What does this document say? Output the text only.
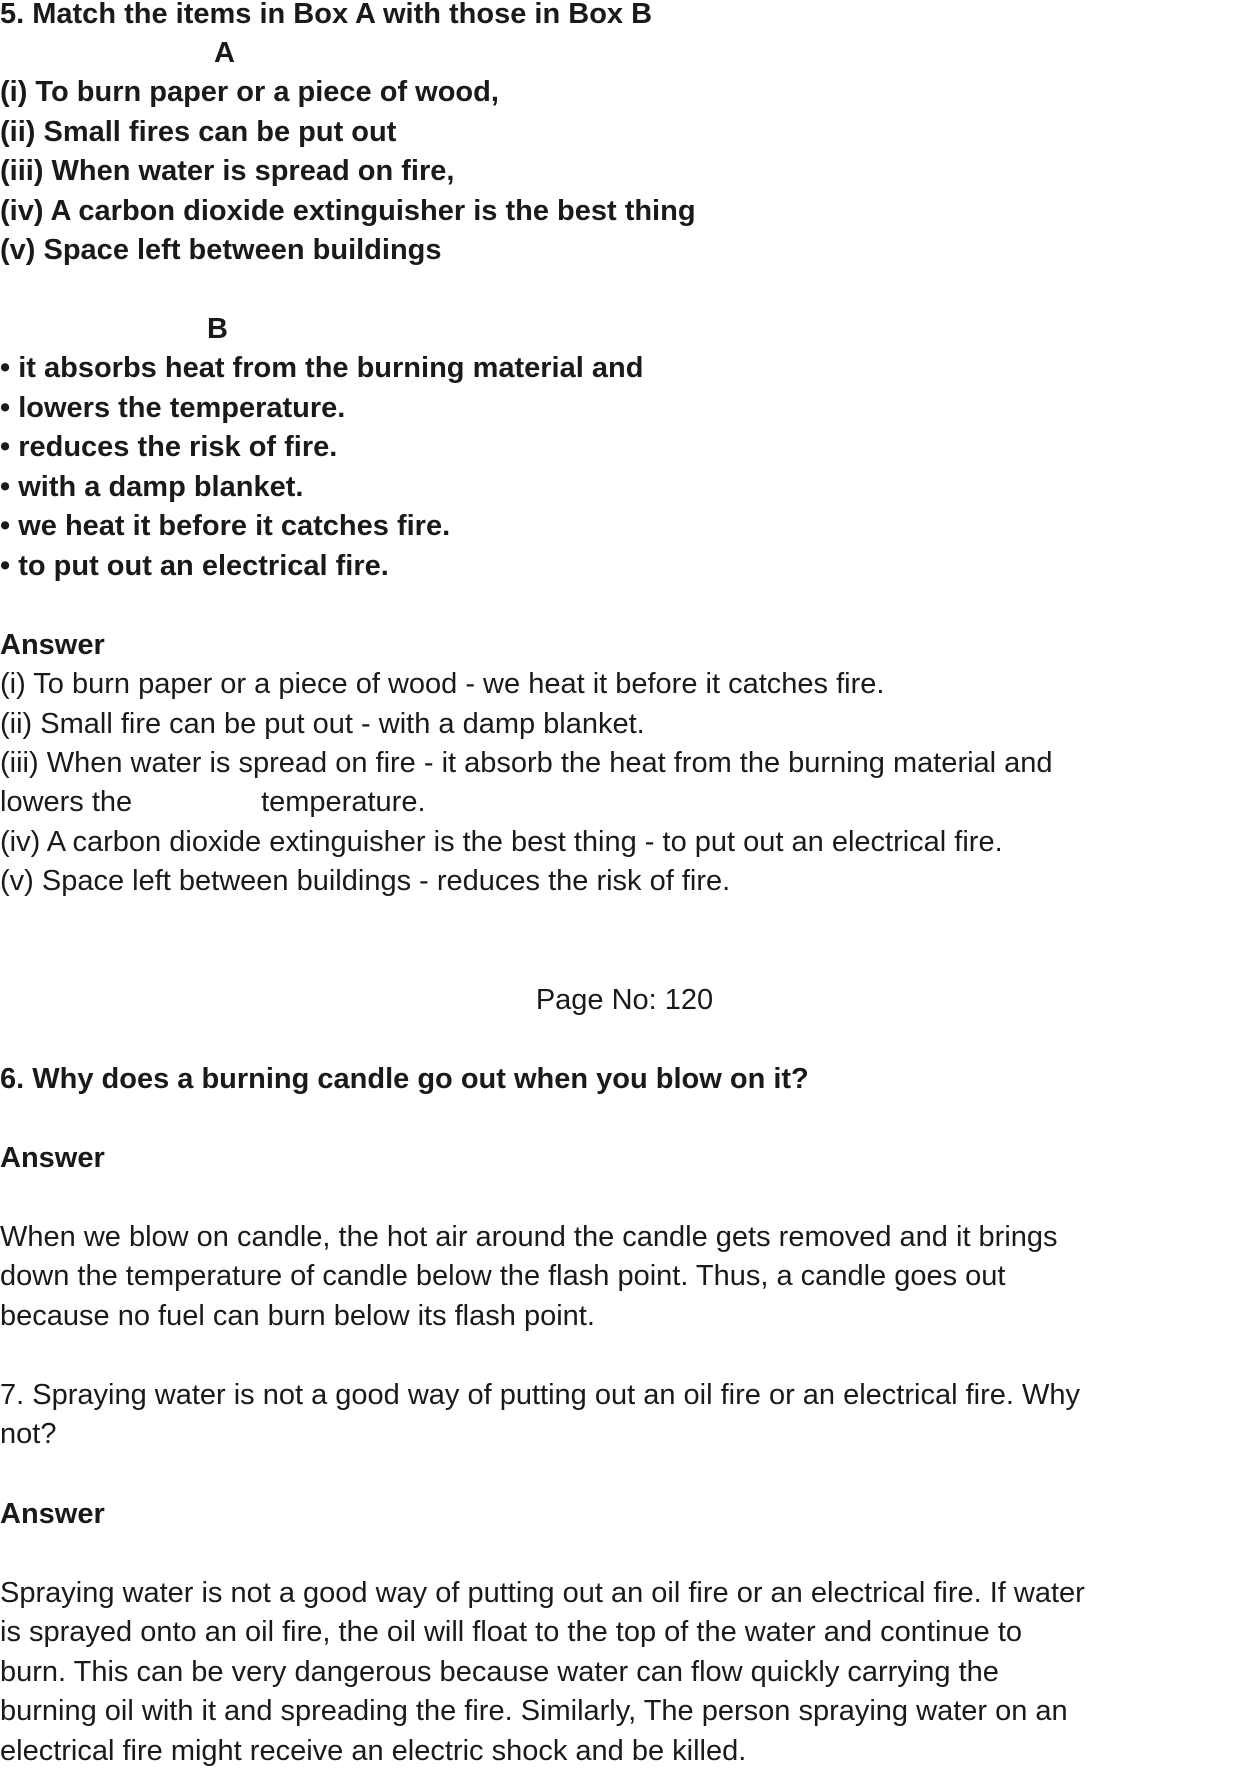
5. Match the items in Box A with those in Box B

A

(i) To burn paper or a piece of wood,

(ii) Small fires can be put out

(iii) When water is spread on fire,

(iv) A carbon dioxide extinguisher is the best thing

(v) Space left between buildings

B

• it absorbs heat from the burning material and

• lowers the temperature.

• reduces the risk of fire.

• with a damp blanket.

• we heat it before it catches fire.

• to put out an electrical fire.

Answer

(i) To burn paper or a piece of wood - we heat it before it catches fire.

(ii) Small fire can be put out - with a damp blanket.

(iii) When water is spread on fire - it absorb the heat from the burning material and

lowers the                temperature.

(iv) A carbon dioxide extinguisher is the best thing - to put out an electrical fire.

(v) Space left between buildings - reduces the risk of fire.

Page No: 120

6. Why does a burning candle go out when you blow on it?

Answer

When we blow on candle, the hot air around the candle gets removed and it brings

down the temperature of candle below the flash point. Thus, a candle goes out

because no fuel can burn below its flash point.

7. Spraying water is not a good way of putting out an oil fire or an electrical fire. Why

not?

Answer

Spraying water is not a good way of putting out an oil fire or an electrical fire. If water

is sprayed onto an oil fire, the oil will float to the top of the water and continue to

burn. This can be very dangerous because water can flow quickly carrying the

burning oil with it and spreading the fire. Similarly, The person spraying water on an

electrical fire might receive an electric shock and be killed.
